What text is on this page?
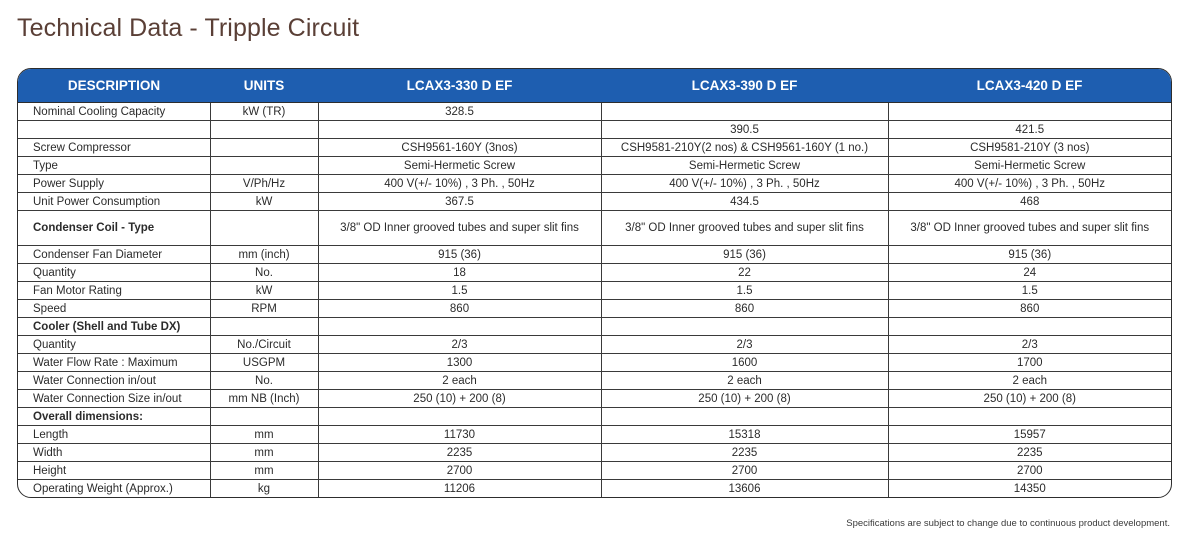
Technical Data - Tripple Circuit
DESCRIPTION	UNITS	LCAX3-330 D EF	LCAX3-390 D EF	LCAX3-420 D EF
Nominal Cooling Capacity	kW (TR)	328.5		
			390.5	421.5
Screw Compressor		CSH9561-160Y (3nos)	CSH9581-210Y(2 nos) & CSH9561-160Y (1 no.)	CSH9581-210Y (3 nos)
Type		Semi-Hermetic Screw	Semi-Hermetic Screw	Semi-Hermetic Screw
Power Supply	V/Ph/Hz	400 V(+/- 10%) , 3 Ph. , 50Hz	400 V(+/- 10%) , 3 Ph. , 50Hz	400 V(+/- 10%) , 3 Ph. , 50Hz
Unit Power Consumption	kW	367.5	434.5	468
Condenser Coil - Type		3/8" OD Inner grooved tubes and super slit fins	3/8" OD Inner grooved tubes and super slit fins	3/8" OD Inner grooved tubes and super slit fins
Condenser Fan Diameter	mm (inch)	915 (36)	915 (36)	915 (36)
Quantity	No.	18	22	24
Fan Motor Rating	kW	1.5	1.5	1.5
Speed	RPM	860	860	860
Cooler (Shell and Tube DX)				
Quantity	No./Circuit	2/3	2/3	2/3
Water Flow Rate : Maximum	USGPM	1300	1600	1700
Water Connection in/out	No.	2 each	2 each	2 each
Water Connection Size in/out	mm NB (Inch)	250 (10) + 200 (8)	250 (10) + 200 (8)	250 (10) + 200 (8)
Overall dimensions:				
Length	mm	11730	15318	15957
Width	mm	2235	2235	2235
Height	mm	2700	2700	2700
Operating Weight (Approx.)	kg	11206	13606	14350
Specifications are subject to change due to continuous product development.
